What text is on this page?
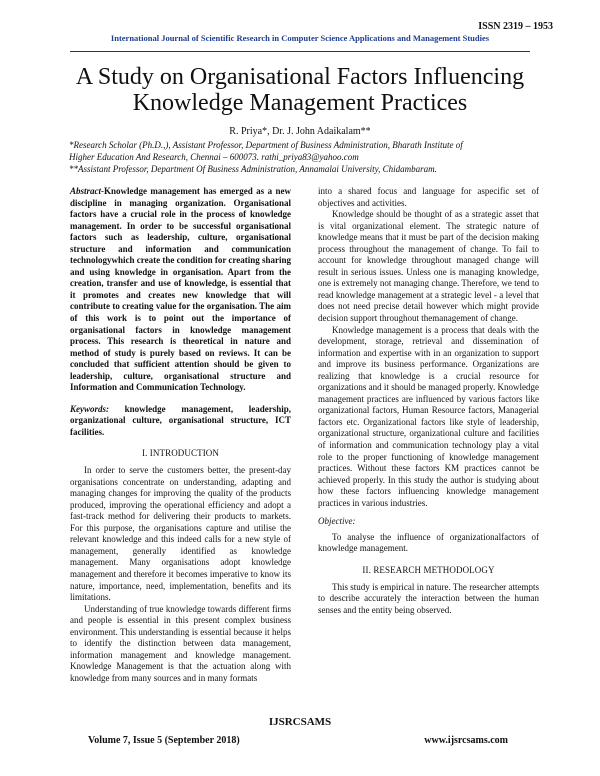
ISSN 2319 – 1953
International Journal of Scientific Research in Computer Science Applications and Management Studies
A Study on Organisational Factors Influencing
Knowledge Management Practices
R. Priya*, Dr. J. John Adaikalam**
*Research Scholar (Ph.D.,), Assistant Professor, Department of Business Administration, Bharath Institute of
Higher Education And Research, Chennai – 600073. rathi_priya83@yahoo.com
**Assistant Professor, Department Of Business Administration, Annamalai University, Chidambaram.

Abstract-Knowledge management has emerged as a new discipline in managing organization. Organisational factors have a crucial role in the process of knowledge management. In order to be successful organisational factors such as leadership, culture, organisational structure and information and communication technologywhich create the condition for creating sharing and using knowledge in organisation. Apart from the creation, transfer and use of knowledge, is essential that it promotes and creates new knowledge that will contribute to creating value for the organisation. The aim of this work is to point out the importance of organisational factors in knowledge management process. This research is theoretical in nature and method of study is purely based on reviews. It can be concluded that sufficient attention should be given to leadership, culture, organisational structure and Information and Communication Technology.

Keywords: knowledge management, leadership, organizational culture, organisational structure, ICT facilities.

I. INTRODUCTION

In order to serve the customers better, the present-day organisations concentrate on understanding, adapting and managing changes for improving the quality of the products produced, improving the operational efficiency and adopt a fast-track method for delivering their products to markets. For this purpose, the organisations capture and utilise the relevant knowledge and this indeed calls for a new style of management, generally identified as knowledge management. Many organisations adopt knowledge management and therefore it becomes imperative to know its nature, importance, need, implementation, benefits and its limitations.

Understanding of true knowledge towards different firms and people is essential in this present complex business environment. This understanding is essential because it helps to identify the distinction between data management, information management and knowledge management. Knowledge Management is that the actuation along with knowledge from many sources and in many formats

into a shared focus and language for aspecific set of objectives and activities.

Knowledge should be thought of as a strategic asset that is vital organizational element. The strategic nature of knowledge means that it must be part of the decision making process throughout the management of change. To fail to account for knowledge throughout managed change will result in serious issues. Unless one is managing knowledge, one is extremely not managing change. Therefore, we tend to read knowledge management at a strategic level - a level that does not need precise detail however which might provide decision support throughout themanagement of change.

Knowledge management is a process that deals with the development, storage, retrieval and dissemination of information and expertise with in an organization to support and improve its business performance. Organizations are realizing that knowledge is a crucial resource for organizations and it should be managed properly. Knowledge management practices are influenced by various factors like organizational factors, Human Resource factors, Managerial factors etc. Organizational factors like style of leadership, organizational structure, organizational culture and facilities of information and communication technology play a vital role to the proper functioning of knowledge management practices. Without these factors KM practices cannot be achieved properly. In this study the author is studying about how these factors influencing knowledge management practices in various industries.

Objective:

To analyse the influence of organizationalfactors of knowledge management.

II. RESEARCH METHODOLOGY

This study is empirical in nature. The researcher attempts to describe accurately the interaction between the human senses and the entity being observed.

IJSRCSAMS
Volume 7, Issue 5 (September 2018)	www.ijsrcsams.com
